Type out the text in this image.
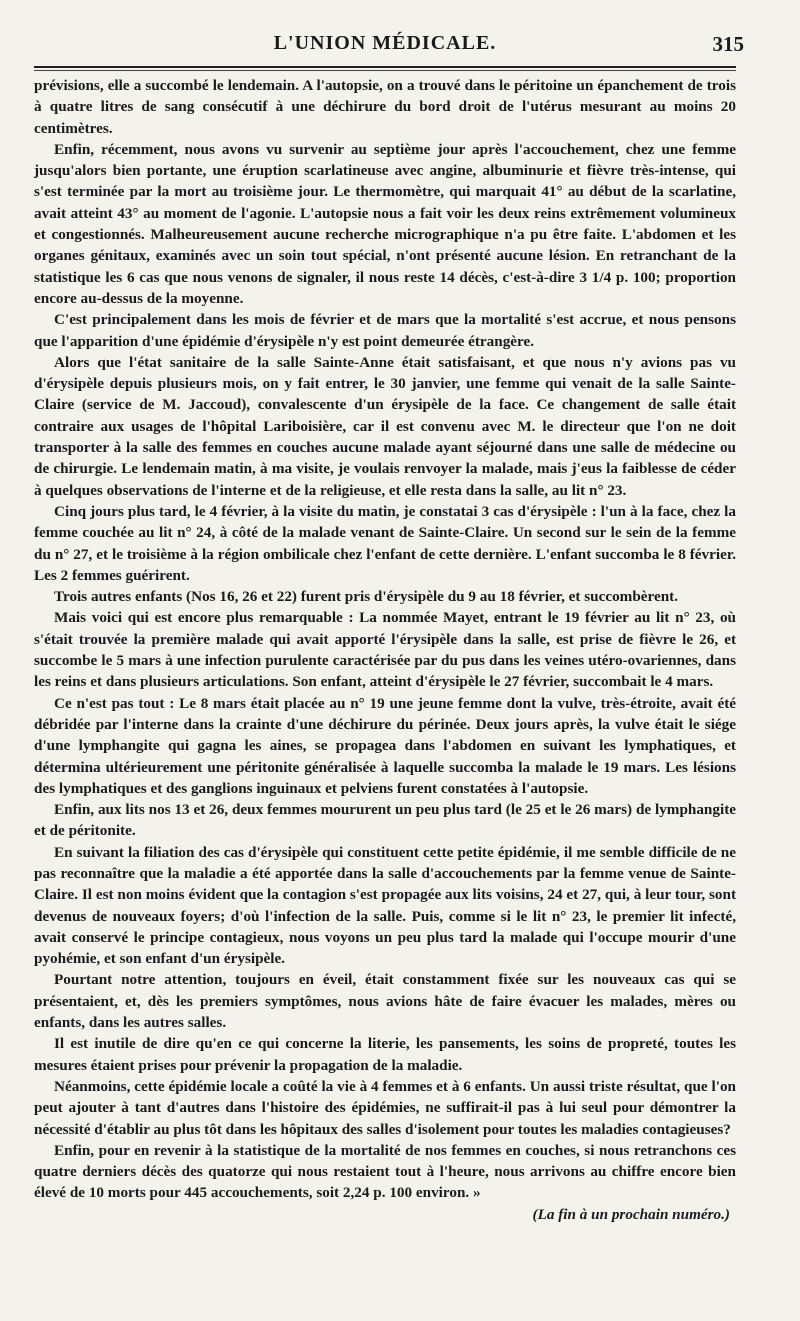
L'UNION MÉDICALE.	315

prévisions, elle a succombé le lendemain. A l'autopsie, on a trouvé dans le péritoine un épanchement de trois à quatre litres de sang consécutif à une déchirure du bord droit de l'utérus mesurant au moins 20 centimètres.

Enfin, récemment, nous avons vu survenir au septième jour après l'accouchement, chez une femme jusqu'alors bien portante, une éruption scarlatineuse avec angine, albuminurie et fièvre très-intense, qui s'est terminée par la mort au troisième jour. Le thermomètre, qui marquait 41° au début de la scarlatine, avait atteint 43° au moment de l'agonie. L'autopsie nous a fait voir les deux reins extrêmement volumineux et congestionnés. Malheureusement aucune recherche micrographique n'a pu être faite. L'abdomen et les organes génitaux, examinés avec un soin tout spécial, n'ont présenté aucune lésion. En retranchant de la statistique les 6 cas que nous venons de signaler, il nous reste 14 décès, c'est-à-dire 3 1/4 p. 100; proportion encore au-dessus de la moyenne.

C'est principalement dans les mois de février et de mars que la mortalité s'est accrue, et nous pensons que l'apparition d'une épidémie d'érysipèle n'y est point demeurée étrangère.

Alors que l'état sanitaire de la salle Sainte-Anne était satisfaisant, et que nous n'y avions pas vu d'érysipèle depuis plusieurs mois, on y fait entrer, le 30 janvier, une femme qui venait de la salle Sainte-Claire (service de M. Jaccoud), convalescente d'un érysipèle de la face. Ce changement de salle était contraire aux usages de l'hôpital Lariboisière, car il est convenu avec M. le directeur que l'on ne doit transporter à la salle des femmes en couches aucune malade ayant séjourné dans une salle de médecine ou de chirurgie. Le lendemain matin, à ma visite, je voulais renvoyer la malade, mais j'eus la faiblesse de céder à quelques observations de l'interne et de la religieuse, et elle resta dans la salle, au lit n° 23.

Cinq jours plus tard, le 4 février, à la visite du matin, je constatai 3 cas d'érysipèle : l'un à la face, chez la femme couchée au lit n° 24, à côté de la malade venant de Sainte-Claire. Un second sur le sein de la femme du n° 27, et le troisième à la région ombilicale chez l'enfant de cette dernière. L'enfant succomba le 8 février. Les 2 femmes guérirent.

Trois autres enfants (Nos 16, 26 et 22) furent pris d'érysipèle du 9 au 18 février, et succombèrent.

Mais voici qui est encore plus remarquable : La nommée Mayet, entrant le 19 février au lit n° 23, où s'était trouvée la première malade qui avait apporté l'érysipèle dans la salle, est prise de fièvre le 26, et succombe le 5 mars à une infection purulente caractérisée par du pus dans les veines utéro-ovariennes, dans les reins et dans plusieurs articulations. Son enfant, atteint d'érysipèle le 27 février, succombait le 4 mars.

Ce n'est pas tout : Le 8 mars était placée au n° 19 une jeune femme dont la vulve, très-étroite, avait été débridée par l'interne dans la crainte d'une déchirure du périnée. Deux jours après, la vulve était le siége d'une lymphangite qui gagna les aines, se propagea dans l'abdomen en suivant les lymphatiques, et détermina ultérieurement une péritonite généralisée à laquelle succomba la malade le 19 mars. Les lésions des lymphatiques et des ganglions inguinaux et pelviens furent constatées à l'autopsie.

Enfin, aux lits nos 13 et 26, deux femmes moururent un peu plus tard (le 25 et le 26 mars) de lymphangite et de péritonite.

En suivant la filiation des cas d'érysipèle qui constituent cette petite épidémie, il me semble difficile de ne pas reconnaître que la maladie a été apportée dans la salle d'accouchements par la femme venue de Sainte-Claire. Il est non moins évident que la contagion s'est propagée aux lits voisins, 24 et 27, qui, à leur tour, sont devenus de nouveaux foyers; d'où l'infection de la salle. Puis, comme si le lit n° 23, le premier lit infecté, avait conservé le principe contagieux, nous voyons un peu plus tard la malade qui l'occupe mourir d'une pyohémie, et son enfant d'un érysipèle.

Pourtant notre attention, toujours en éveil, était constamment fixée sur les nouveaux cas qui se présentaient, et, dès les premiers symptômes, nous avions hâte de faire évacuer les malades, mères ou enfants, dans les autres salles.

Il est inutile de dire qu'en ce qui concerne la literie, les pansements, les soins de propreté, toutes les mesures étaient prises pour prévenir la propagation de la maladie.

Néanmoins, cette épidémie locale a coûté la vie à 4 femmes et à 6 enfants. Un aussi triste résultat, que l'on peut ajouter à tant d'autres dans l'histoire des épidémies, ne suffirait-il pas à lui seul pour démontrer la nécessité d'établir au plus tôt dans les hôpitaux des salles d'isolement pour toutes les maladies contagieuses?

Enfin, pour en revenir à la statistique de la mortalité de nos femmes en couches, si nous retranchons ces quatre derniers décès des quatorze qui nous restaient tout à l'heure, nous arrivons au chiffre encore bien élevé de 10 morts pour 445 accouchements, soit 2,24 p. 100 environ. »

(La fin à un prochain numéro.)
